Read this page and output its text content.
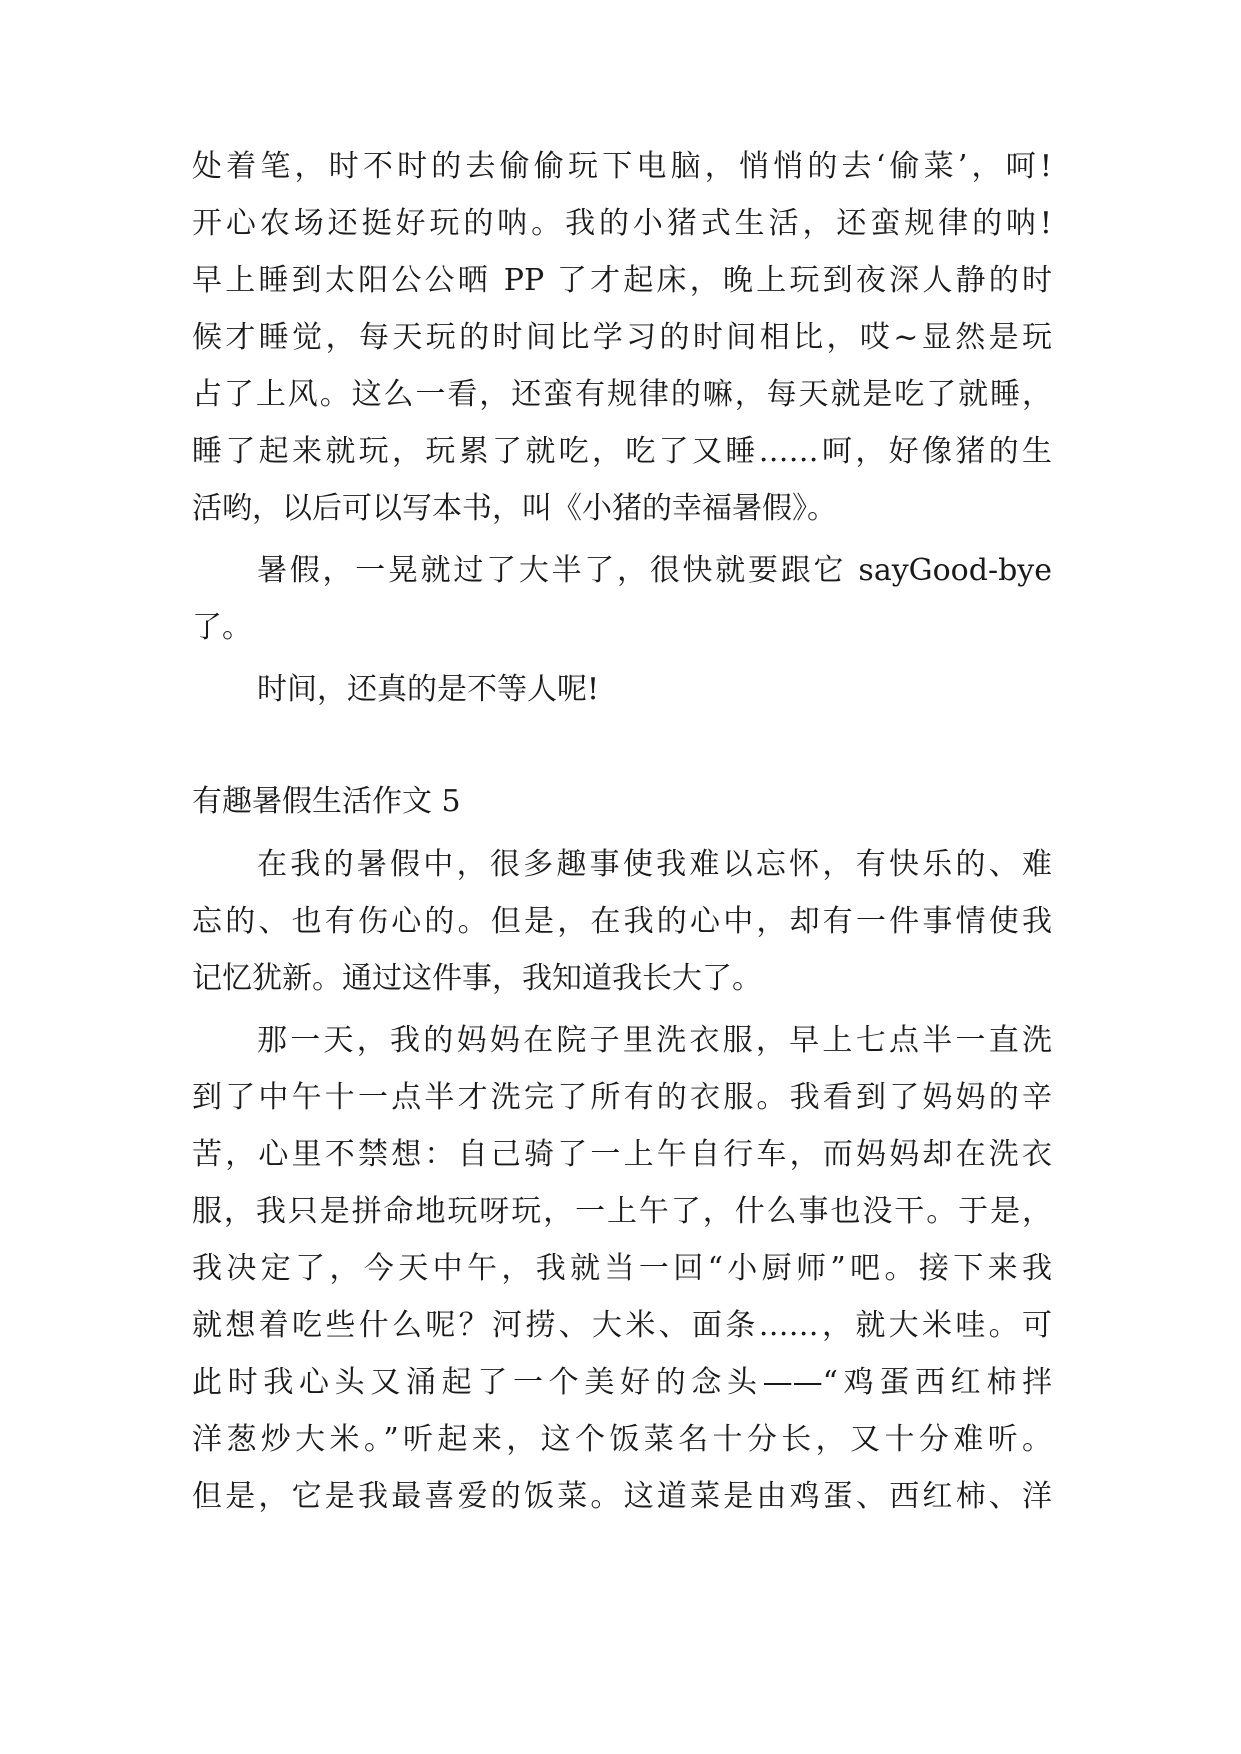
处着笔，时不时的去偷偷玩下电脑，悄悄的去‘偷菜’，呵!

开心农场还挺好玩的呐。我的小猪式生活，还蛮规律的呐!

早上睡到太阳公公晒 PP 了才起床，晚上玩到夜深人静的时

候才睡觉，每天玩的时间比学习的时间相比，哎~显然是玩

占了上风。这么一看，还蛮有规律的嘛，每天就是吃了就睡，

睡了起来就玩，玩累了就吃，吃了又睡……呵，好像猪的生

活哟，以后可以写本书，叫《小猪的幸福暑假》。

暑假，一晃就过了大半了，很快就要跟它 sayGood-bye

了。

时间，还真的是不等人呢!

有趣暑假生活作文 5

在我的暑假中，很多趣事使我难以忘怀，有快乐的、难

忘的、也有伤心的。但是，在我的心中，却有一件事情使我

记忆犹新。通过这件事，我知道我长大了。

那一天，我的妈妈在院子里洗衣服，早上七点半一直洗

到了中午十一点半才洗完了所有的衣服。我看到了妈妈的辛

苦，心里不禁想：自己骑了一上午自行车，而妈妈却在洗衣

服，我只是拼命地玩呀玩，一上午了，什么事也没干。于是，

我决定了，今天中午，我就当一回“小厨师”吧。接下来我

就想着吃些什么呢？河捞、大米、面条……，就大米哇。可

此时我心头又涌起了一个美好的念头——“鸡蛋西红柿拌

洋葱炒大米。”听起来，这个饭菜名十分长，又十分难听。

但是，它是我最喜爱的饭菜。这道菜是由鸡蛋、西红柿、洋
